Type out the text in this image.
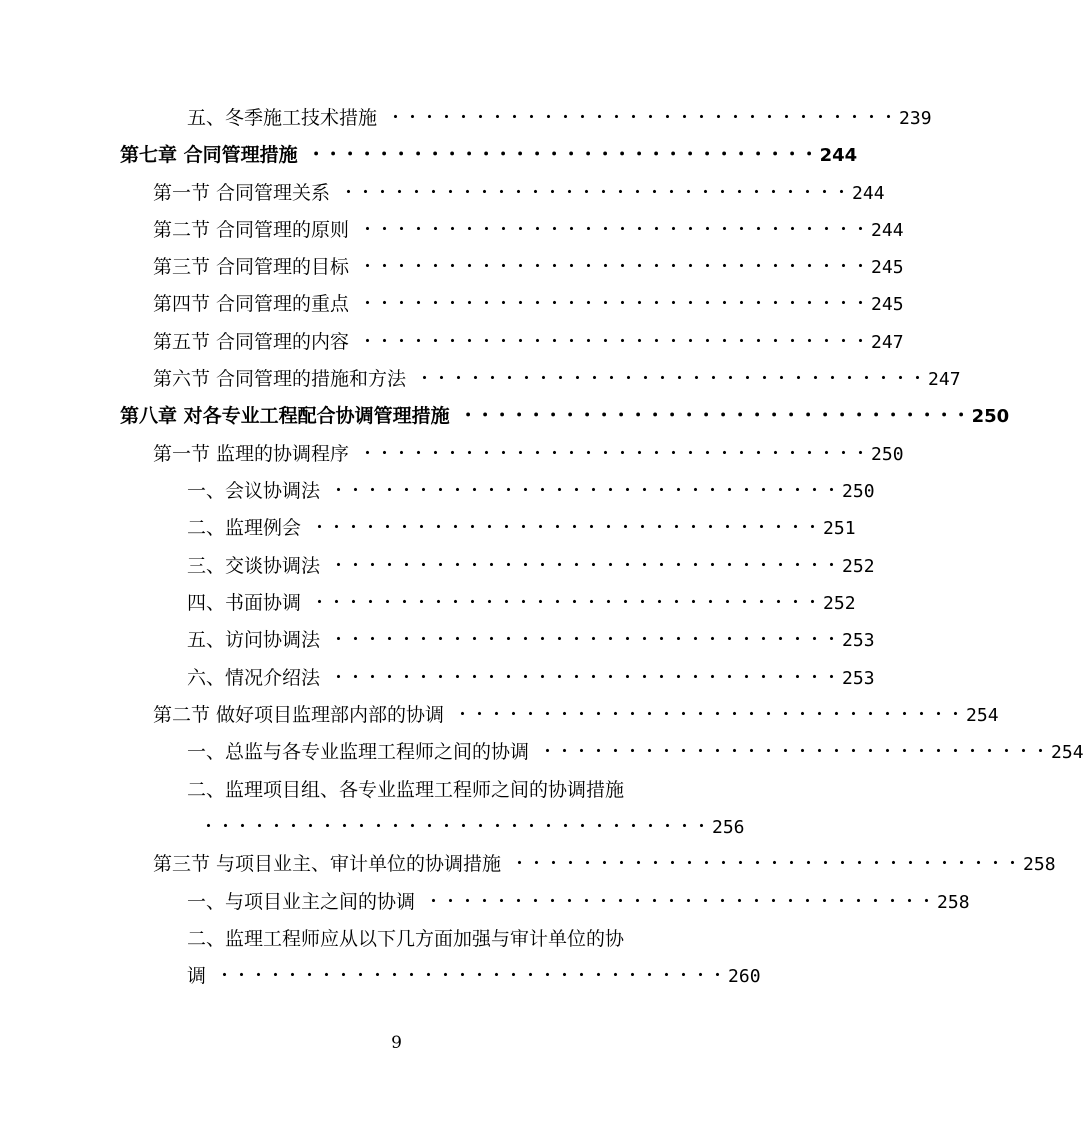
五、冬季施工技术措施 ・・・・・・・・・・・・・・・・・・・・・・・・・・・・・・ 239
第七章 合同管理措施 ・・・・・・・・・・・・・・・・・・・・・・・・・・・・・・ 244
第一节 合同管理关系 ・・・・・・・・・・・・・・・・・・・・・・・・・・・・・・ 244
第二节 合同管理的原则 ・・・・・・・・・・・・・・・・・・・・・・・・・・・・・・ 244
第三节 合同管理的目标 ・・・・・・・・・・・・・・・・・・・・・・・・・・・・・・ 245
第四节 合同管理的重点 ・・・・・・・・・・・・・・・・・・・・・・・・・・・・・・ 245
第五节 合同管理的内容 ・・・・・・・・・・・・・・・・・・・・・・・・・・・・・・ 247
第六节 合同管理的措施和方法 ・・・・・・・・・・・・・・・・・・・・・・・・・・・・・・ 247
第八章 对各专业工程配合协调管理措施 ・・・・・・・・・・・・・・・・・・・・・・・・・・・・・・ 250
第一节 监理的协调程序 ・・・・・・・・・・・・・・・・・・・・・・・・・・・・・・ 250
一、会议协调法 ・・・・・・・・・・・・・・・・・・・・・・・・・・・・・・ 250
二、监理例会 ・・・・・・・・・・・・・・・・・・・・・・・・・・・・・・ 251
三、交谈协调法 ・・・・・・・・・・・・・・・・・・・・・・・・・・・・・・ 252
四、书面协调 ・・・・・・・・・・・・・・・・・・・・・・・・・・・・・・ 252
五、访问协调法 ・・・・・・・・・・・・・・・・・・・・・・・・・・・・・・ 253
六、情况介绍法 ・・・・・・・・・・・・・・・・・・・・・・・・・・・・・・ 253
第二节 做好项目监理部内部的协调 ・・・・・・・・・・・・・・・・・・・・・・・・・・・・・・ 254
一、总监与各专业监理工程师之间的协调 ・・・・・・・・・・・・・・・・・・・・・・・・・・・・・・ 254
二、监理项目组、各专业监理工程师之间的协调措施
・・・・・・・・・・・・・・・・・・・・・・・・・・・・・・ 256
第三节 与项目业主、审计单位的协调措施 ・・・・・・・・・・・・・・・・・・・・・・・・・・・・・・ 258
一、与项目业主之间的协调 ・・・・・・・・・・・・・・・・・・・・・・・・・・・・・・ 258
二、监理工程师应从以下几方面加强与审计单位的协
调 ・・・・・・・・・・・・・・・・・・・・・・・・・・・・・・ 260
9
